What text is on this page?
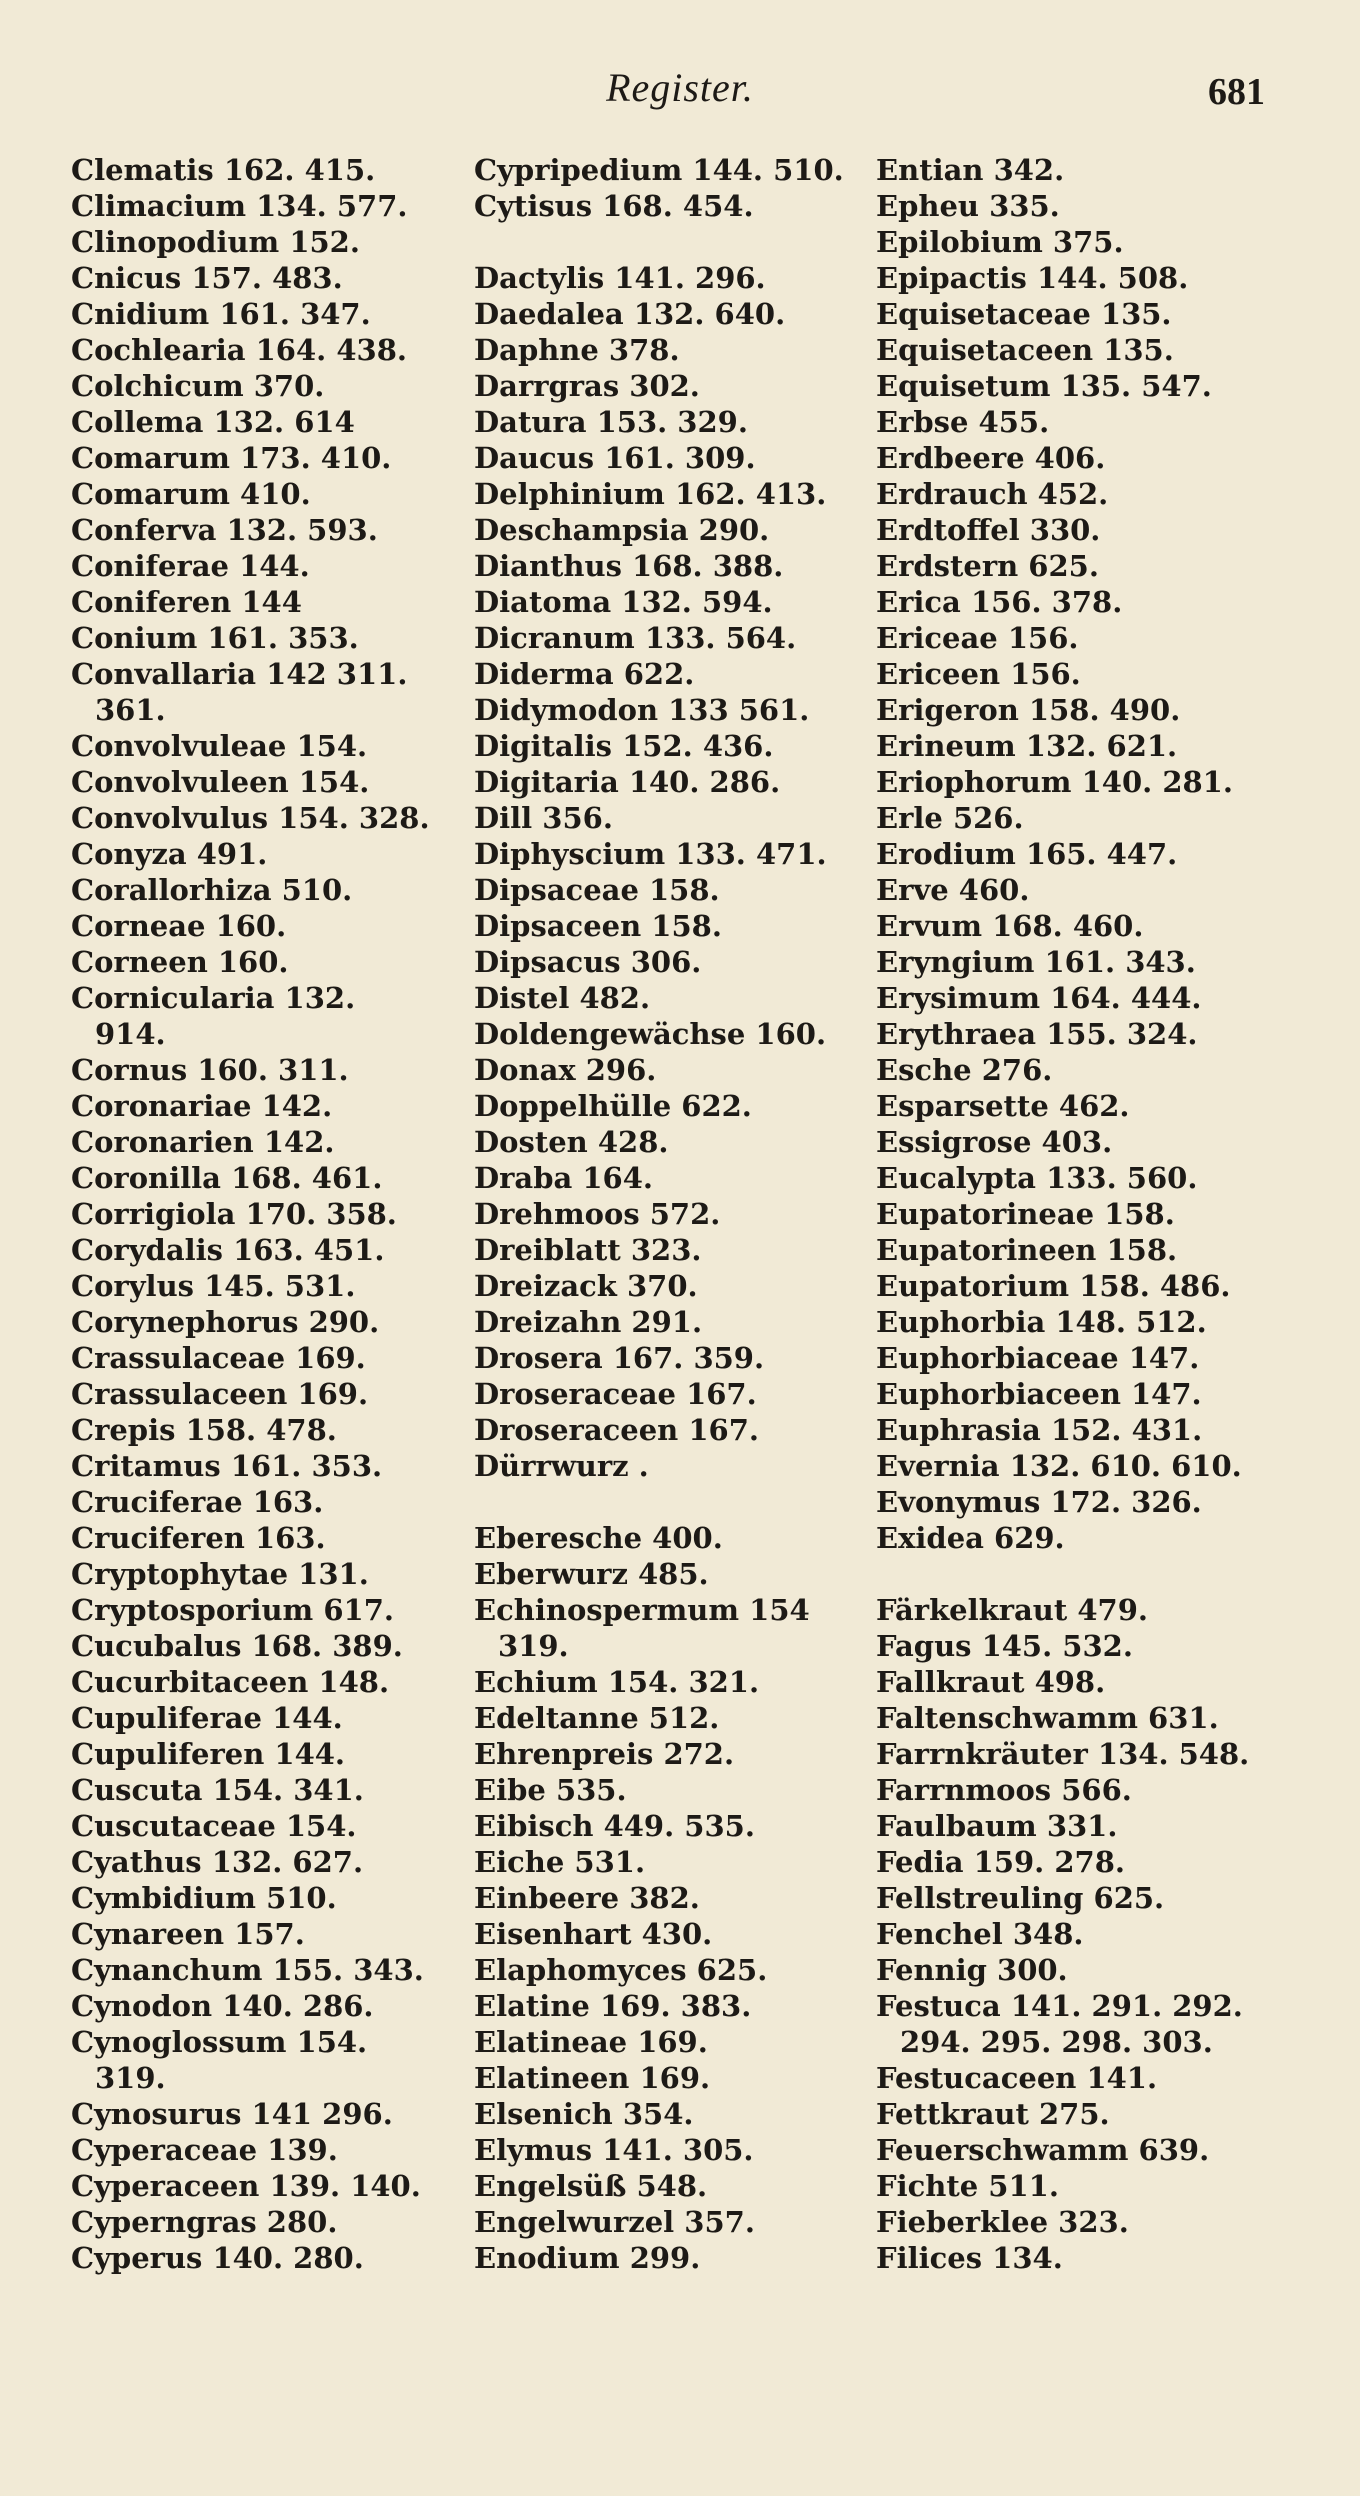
Register.	681
Clematis 162. 415.
Climacium 134. 577.
Clinopodium 152.
Cnicus 157. 483.
Cnidium 161. 347.
Cochlearia 164. 438.
Colchicum 370.
Collema 132. 614
Comarum 173. 410.
Comarum 410.
Conferva 132. 593.
Coniferae 144.
Coniferen 144
Conium 161. 353.
Convallaria 142 311.
361.
Convolvuleae 154.
Convolvuleen 154.
Convolvulus 154. 328.
Conyza 491.
Corallorhiza 510.
Corneae 160.
Corneen 160.
Cornicularia 132.
914.
Cornus 160. 311.
Coronariae 142.
Coronarien 142.
Coronilla 168. 461.
Corrigiola 170. 358.
Corydalis 163. 451.
Corylus 145. 531.
Corynephorus 290.
Crassulaceae 169.
Crassulaceen 169.
Crepis 158. 478.
Critamus 161. 353.
Cruciferae 163.
Cruciferen 163.
Cryptophytae 131.
Cryptosporium 617.
Cucubalus 168. 389.
Cucurbitaceen 148.
Cupuliferae 144.
Cupuliferen 144.
Cuscuta 154. 341.
Cuscutaceae 154.
Cyathus 132. 627.
Cymbidium 510.
Cynareen 157.
Cynanchum 155. 343.
Cynodon 140. 286.
Cynoglossum 154.
319.
Cynosurus 141 296.
Cyperaceae 139.
Cyperaceen 139. 140.
Cyperngras 280.
Cyperus 140. 280.
Cypripedium 144. 510.
Cytisus 168. 454.
Dactylis 141. 296.
Daedalea 132. 640.
Daphne 378.
Darrgras 302.
Datura 153. 329.
Daucus 161. 309.
Delphinium 162. 413.
Deschampsia 290.
Dianthus 168. 388.
Diatoma 132. 594.
Dicranum 133. 564.
Diderma 622.
Didymodon 133 561.
Digitalis 152. 436.
Digitaria 140. 286.
Dill 356.
Diphyscium 133. 471.
Dipsaceae 158.
Dipsaceen 158.
Dipsacus 306.
Distel 482.
Doldengewächse 160.
Donax 296.
Doppelhülle 622.
Dosten 428.
Draba 164.
Drehmoos 572.
Dreiblatt 323.
Dreizack 370.
Dreizahn 291.
Drosera 167. 359.
Droseraceae 167.
Droseraceen 167.
Dürrwurz .
Eberesche 400.
Eberwurz 485.
Echinospermum 154
319.
Echium 154. 321.
Edeltanne 512.
Ehrenpreis 272.
Eibe 535.
Eibisch 449. 535.
Eiche 531.
Einbeere 382.
Eisenhart 430.
Elaphomyces 625.
Elatine 169. 383.
Elatineae 169.
Elatineen 169.
Elsenich 354.
Elymus 141. 305.
Engelsüß 548.
Engelwurzel 357.
Enodium 299.
Entian 342.
Epheu 335.
Epilobium 375.
Epipactis 144. 508.
Equisetaceae 135.
Equisetaceen 135.
Equisetum 135. 547.
Erbse 455.
Erdbeere 406.
Erdrauch 452.
Erdtoffel 330.
Erdstern 625.
Erica 156. 378.
Ericeae 156.
Ericeen 156.
Erigeron 158. 490.
Erineum 132. 621.
Eriophorum 140. 281.
Erle 526.
Erodium 165. 447.
Erve 460.
Ervum 168. 460.
Eryngium 161. 343.
Erysimum 164. 444.
Erythraea 155. 324.
Esche 276.
Esparsette 462.
Essigrose 403.
Eucalypta 133. 560.
Eupatorineae 158.
Eupatorineen 158.
Eupatorium 158. 486.
Euphorbia 148. 512.
Euphorbiaceae 147.
Euphorbiaceen 147.
Euphrasia 152. 431.
Evernia 132. 610. 610.
Evonymus 172. 326.
Exidea 629.
Färkelkraut 479.
Fagus 145. 532.
Fallkraut 498.
Faltenschwamm 631.
Farrnkräuter 134. 548.
Farrnmoos 566.
Faulbaum 331.
Fedia 159. 278.
Fellstreuling 625.
Fenchel 348.
Fennig 300.
Festuca 141. 291. 292.
294. 295. 298. 303.
Festucaceen 141.
Fettkraut 275.
Feuerschwamm 639.
Fichte 511.
Fieberklee 323.
Filices 134.
